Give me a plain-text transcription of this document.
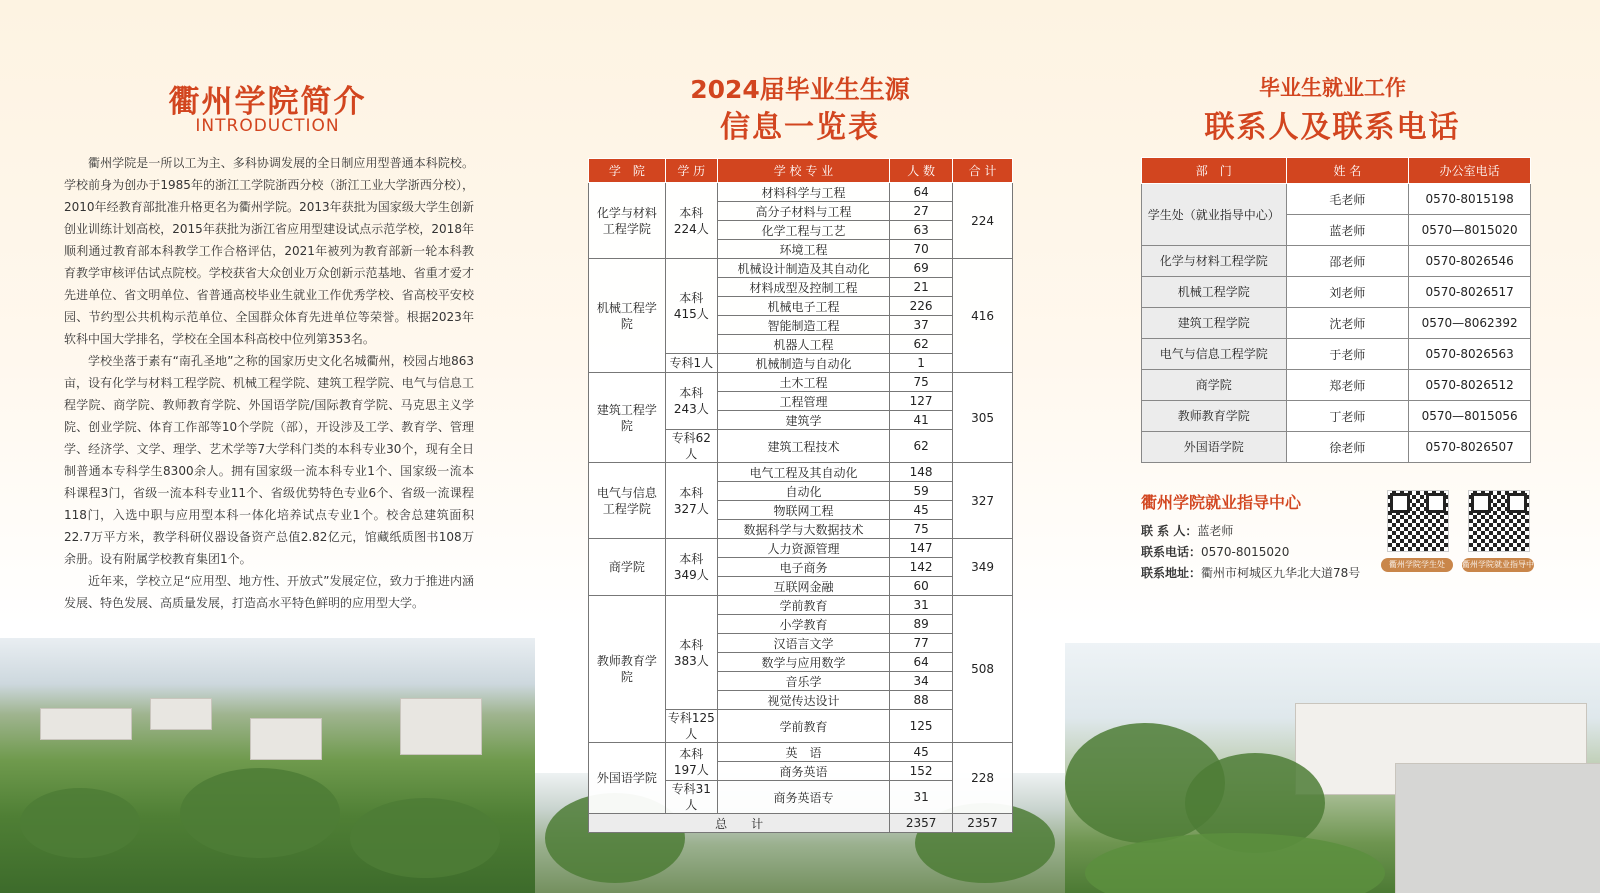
衢州学院简介
INTRODUCTION

衢州学院是一所以工为主、多科协调发展的全日制应用型普通本科院校。学校前身为创办于1985年的浙江工学院浙西分校（浙江工业大学浙西分校），2010年经教育部批准升格更名为衢州学院。2013年获批为国家级大学生创新创业训练计划高校，2015年获批为浙江省应用型建设试点示范学校，2018年顺利通过教育部本科教学工作合格评估，2021年被列为教育部新一轮本科教育教学审核评估试点院校。学校获省大众创业万众创新示范基地、省重才爱才先进单位、省文明单位、省普通高校毕业生就业工作优秀学校、省高校平安校园、节约型公共机构示范单位、全国群众体育先进单位等荣誉。根据2023年软科中国大学排名，学校在全国本科高校中位列第353名。

学校坐落于素有“南孔圣地”之称的国家历史文化名城衢州，校园占地863亩，设有化学与材料工程学院、机械工程学院、建筑工程学院、电气与信息工程学院、商学院、教师教育学院、外国语学院/国际教育学院、马克思主义学院、创业学院、体育工作部等10个学院（部），开设涉及工学、教育学、管理学、经济学、文学、理学、艺术学等7大学科门类的本科专业30个，现有全日制普通本专科学生8300余人。拥有国家级一流本科专业1个、国家级一流本科课程3门，省级一流本科专业11个、省级优势特色专业6个、省级一流课程118门，入选中职与应用型本科一体化培养试点专业1个。校舍总建筑面积22.7万平方米，教学科研仪器设备资产总值2.82亿元，馆藏纸质图书108万余册。设有附属学校教育集团1个。

近年来，学校立足“应用型、地方性、开放式”发展定位，致力于推进内涵发展、特色发展、高质量发展，打造高水平特色鲜明的应用型大学。

2024届毕业生生源
信息一览表
学　院	学 历	学 校 专 业	人 数	合 计
化学与材料工程学院	本科 224人	材料科学与工程	64	224
		高分子材料与工程	27	
		化学工程与工艺	63	
		环境工程	70	
机械工程学院	本科 415人	机械设计制造及其自动化	69	416
		材料成型及控制工程	21	
		机械电子工程	226	
		智能制造工程	37	
		机器人工程	62	
	专科1人	机械制造与自动化	1	
建筑工程学院	本科 243人	土木工程	75	305
		工程管理	127	
		建筑学	41	
	专科62人	建筑工程技术	62	
电气与信息工程学院	本科 327人	电气工程及其自动化	148	327
		自动化	59	
		物联网工程	45	
		数据科学与大数据技术	75	
商学院	本科 349人	人力资源管理	147	349
		电子商务	142	
		互联网金融	60	
教师教育学院	本科 383人	学前教育	31	508
		小学教育	89	
		汉语言文学	77	
		数学与应用数学	64	
		音乐学	34	
		视觉传达设计	88	
	专科125人	学前教育	125	
外国语学院	本科 197人	英　语	45	228
		商务英语	152	
	专科31人	商务英语专	31	
总　　计			2357	2357
毕业生就业工作
联系人及联系电话
部　门	姓 名	办公室电话
学生处（就业指导中心）	毛老师	0570-8015198
	蓝老师	0570—8015020
化学与材料工程学院	邵老师	0570-8026546
机械工程学院	刘老师	0570-8026517
建筑工程学院	沈老师	0570—8062392
电气与信息工程学院	于老师	0570-8026563
商学院	郑老师	0570-8026512
教师教育学院	丁老师	0570—8015056
外国语学院	徐老师	0570-8026507
衢州学院就业指导中心
联 系 人：蓝老师
联系电话：0570-8015020
联系地址：衢州市柯城区九华北大道78号
衢州学院学生处	衢州学院就业指导中心
